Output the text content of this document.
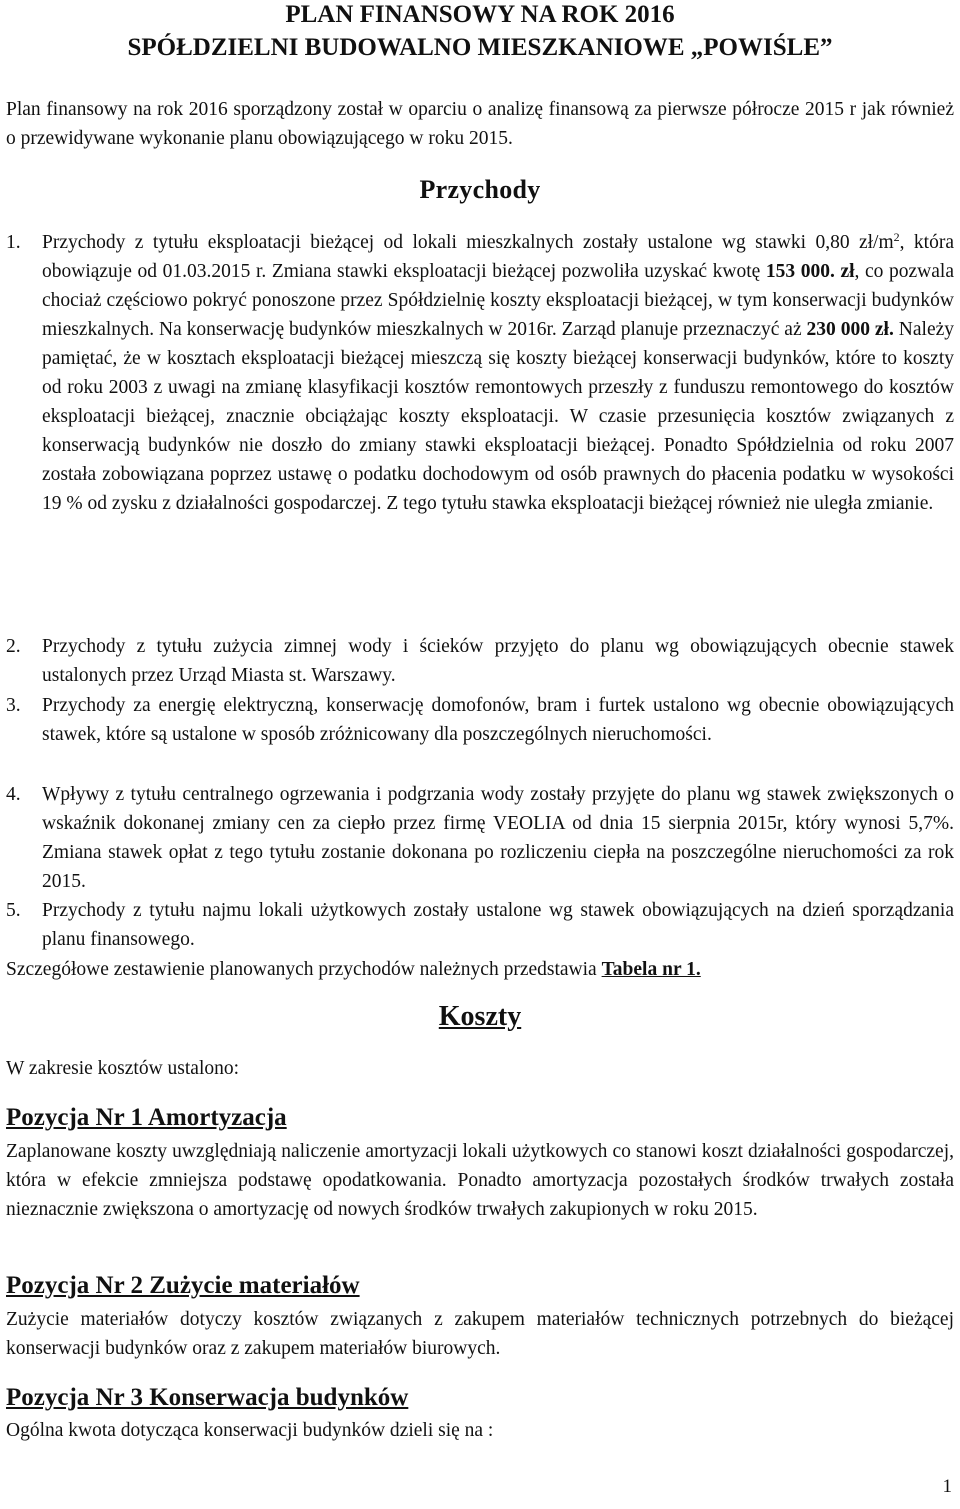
PLAN FINANSOWY NA ROK 2016
SPÓŁDZIELNI BUDOWALNO MIESZKANIOWE „POWIŚLE”

Plan finansowy na rok 2016 sporządzony został w oparciu o analizę finansową za pierwsze półrocze 2015 r jak również o przewidywane wykonanie planu obowiązującego w roku 2015.

Przychody
1. Przychody z tytułu eksploatacji bieżącej od lokali mieszkalnych zostały ustalone wg stawki 0,80 $zł/m^2$, która obowiązuje od 01.03.2015 r. Zmiana stawki eksploatacji bieżącej pozwoliła uzyskać kwotę 153 000. zł, co pozwala chociaż częściowo pokryć ponoszone przez Spółdzielnię koszty eksploatacji bieżącej, w tym konserwacji budynków mieszkalnych. Na konserwację budynków mieszkalnych w 2016r. Zarząd planuje przeznaczyć aż 230 000 zł. Należy pamiętać, że w kosztach eksploatacji bieżącej mieszczą się koszty bieżącej konserwacji budynków, które to koszty od roku 2003 z uwagi na zmianę klasyfikacji kosztów remontowych przeszły z funduszu remontowego do kosztów eksploatacji bieżącej, znacznie obciążając koszty eksploatacji. W czasie przesunięcia kosztów związanych z konserwacją budynków nie doszło do zmiany stawki eksploatacji bieżącej. Ponadto Spółdzielnia od roku 2007 została zobowiązana poprzez ustawę o podatku dochodowym od osób prawnych do płacenia podatku w wysokości 19 % od zysku z działalności gospodarczej. Z tego tytułu stawka eksploatacji bieżącej również nie uległa zmianie.
2. Przychody z tytułu zużycia zimnej wody i ścieków przyjęto do planu wg obowiązujących obecnie stawek ustalonych przez Urząd Miasta st. Warszawy.
3. Przychody za energię elektryczną, konserwację domofonów, bram i furtek ustalono wg obecnie obowiązujących stawek, które są ustalone w sposób zróżnicowany dla poszczególnych nieruchomości.
4. Wpływy z tytułu centralnego ogrzewania i podgrzania wody zostały przyjęte do planu wg stawek zwiększonych o wskaźnik dokonanej zmiany cen za ciepło przez firmę VEOLIA od dnia 15 sierpnia 2015r, który wynosi 5,7%. Zmiana stawek opłat z tego tytułu zostanie dokonana po rozliczeniu ciepła na poszczególne nieruchomości za rok 2015.
5. Przychody z tytułu najmu lokali użytkowych zostały ustalone wg stawek obowiązujących na dzień sporządzania planu finansowego.

Szczegółowe zestawienie planowanych przychodów należnych przedstawia Tabela nr 1.

Koszty

W zakresie kosztów ustalono:

Pozycja Nr 1 Amortyzacja

Zaplanowane koszty uwzględniają naliczenie amortyzacji lokali użytkowych co stanowi koszt działalności gospodarczej, która w efekcie zmniejsza podstawę opodatkowania. Ponadto amortyzacja pozostałych środków trwałych została nieznacznie zwiększona o amortyzację od nowych środków trwałych zakupionych w roku 2015.

Pozycja Nr 2 Zużycie materiałów

Zużycie materiałów dotyczy kosztów związanych z zakupem materiałów technicznych potrzebnych do bieżącej konserwacji budynków oraz z zakupem materiałów biurowych.

Pozycja Nr 3 Konserwacja budynków

Ogólna kwota dotycząca konserwacji budynków dzieli się na :

1
